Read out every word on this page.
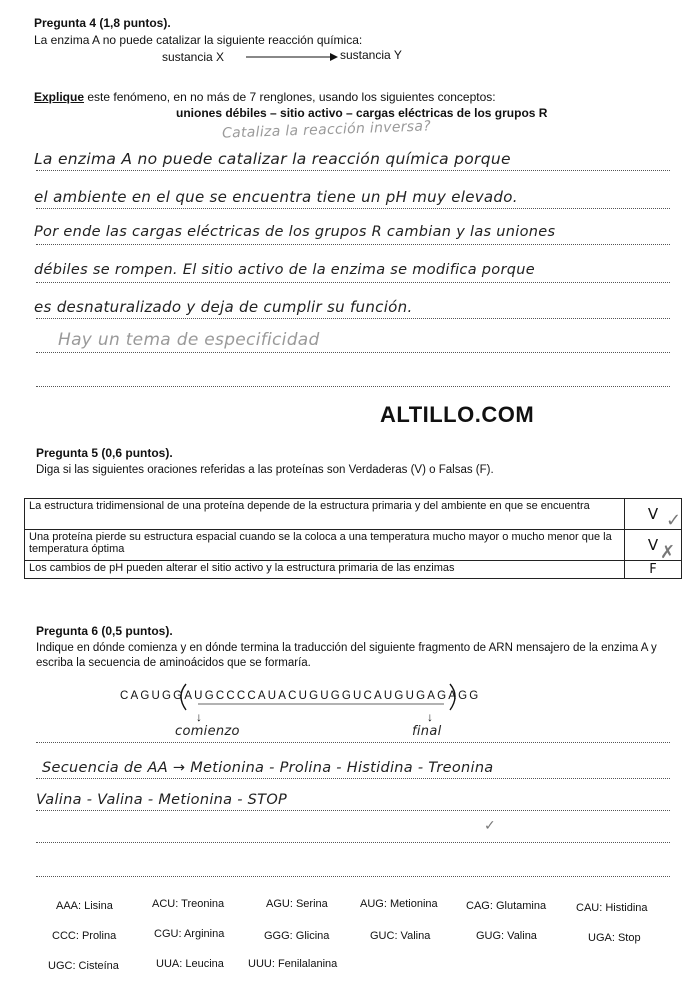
Pregunta 4 (1,8 puntos).
La enzima A no puede catalizar la siguiente reacción química:
sustancia X	sustancia Y
Explique este fenómeno, en no más de 7 renglones, usando los siguientes conceptos:
uniones débiles – sitio activo – cargas eléctricas de los grupos R
Cataliza la reacción inversa?
La enzima A no puede catalizar la reacción química porque
el ambiente en el que se encuentra tiene un pH muy elevado.
Por ende las cargas eléctricas de los grupos R cambian y las uniones
débiles se rompen. El sitio activo de la enzima se modifica porque
es desnaturalizado y deja de cumplir su función.
Hay un tema de especificidad
ALTILLO.COM
Pregunta 5 (0,6 puntos).
Diga si las siguientes oraciones referidas a las proteínas son Verdaderas (V) o Falsas (F).
La estructura tridimensional de una proteína depende de la estructura primaria y del ambiente en que se encuentra	V
Una proteína pierde su estructura espacial cuando se la coloca a una temperatura mucho mayor o mucho menor que la temperatura óptima	V
Los cambios de pH pueden alterar el sitio activo y la estructura primaria de las enzimas	F
✓
✗
Pregunta 6 (0,5 puntos).
Indique en dónde comienza y en dónde termina la traducción del siguiente fragmento de ARN mensajero de la enzima A y escriba la secuencia de aminoácidos que se formaría.
CAGUGGAUGCCCCAUACUGUGGUCAUGUGAGAGG
↓
comienzo
↓
final
Secuencia de AA → Metionina - Prolina - Histidina - Treonina
Valina - Valina - Metionina - STOP
✓
AAA: Lisina	ACU: Treonina	AGU: Serina	AUG: Metionina	CAG: Glutamina	CAU: Histidina
CCC: Prolina	CGU: Arginina	GGG: Glicina	GUC: Valina	GUG: Valina	UGA: Stop
UGC: Cisteína	UUA: Leucina UUU: Fenilalanina
